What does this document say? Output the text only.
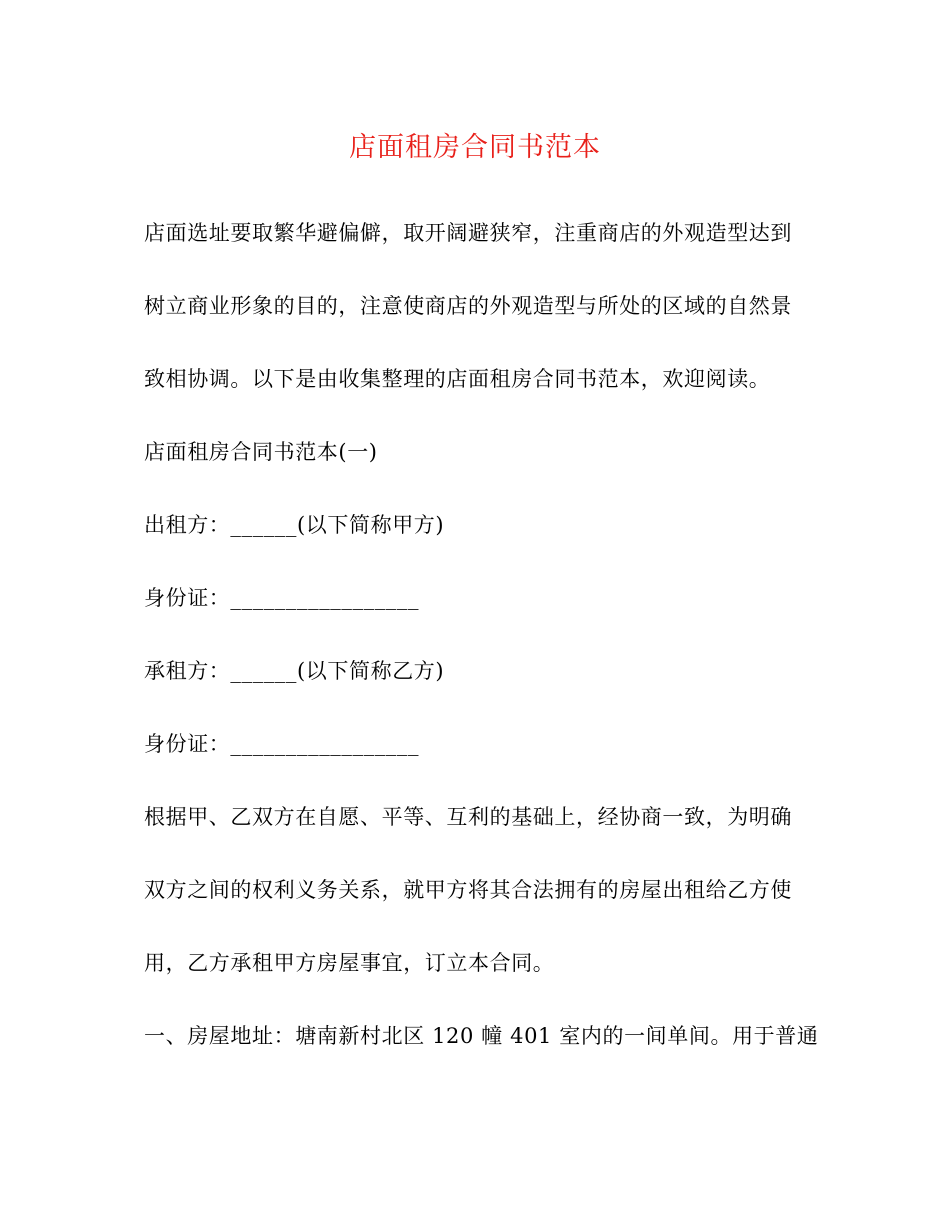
店面租房合同书范本
店面选址要取繁华避偏僻，取开阔避狭窄，注重商店的外观造型达到
树立商业形象的目的，注意使商店的外观造型与所处的区域的自然景
致相协调。以下是由收集整理的店面租房合同书范本，欢迎阅读。
店面租房合同书范本(一)
出租方：______(以下简称甲方)
身份证：_________________
承租方：______(以下简称乙方)
身份证：_________________
根据甲、乙双方在自愿、平等、互利的基础上，经协商一致，为明确
双方之间的权利义务关系，就甲方将其合法拥有的房屋出租给乙方使
用，乙方承租甲方房屋事宜，订立本合同。
一、房屋地址：塘南新村北区 120 幢 401 室内的一间单间。用于普通
